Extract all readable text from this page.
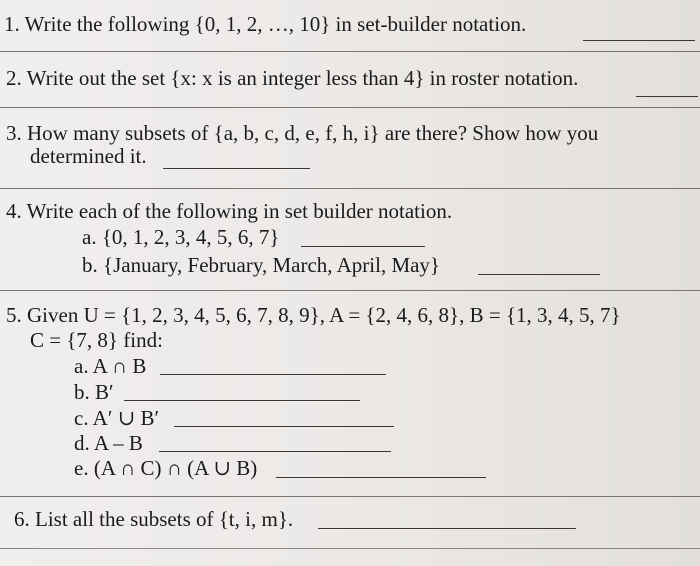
1. Write the following {0, 1, 2, …, 10} in set-builder notation.
2. Write out the set {x: x is an integer less than 4} in roster notation.
3. How many subsets of {a, b, c, d, e, f, h, i} are there? Show how you
determined it.
4. Write each of the following in set builder notation.
a. {0, 1, 2, 3, 4, 5, 6, 7}
b. {January, February, March, April, May}
5. Given U = {1, 2, 3, 4, 5, 6, 7, 8, 9}, A = {2, 4, 6, 8}, B = {1, 3, 4, 5, 7}
C = {7, 8} find:
a. A ∩ B
b. B′
c. A′ ∪ B′
d. A – B
e. (A ∩ C) ∩ (A ∪ B)
6. List all the subsets of {t, i, m}.
